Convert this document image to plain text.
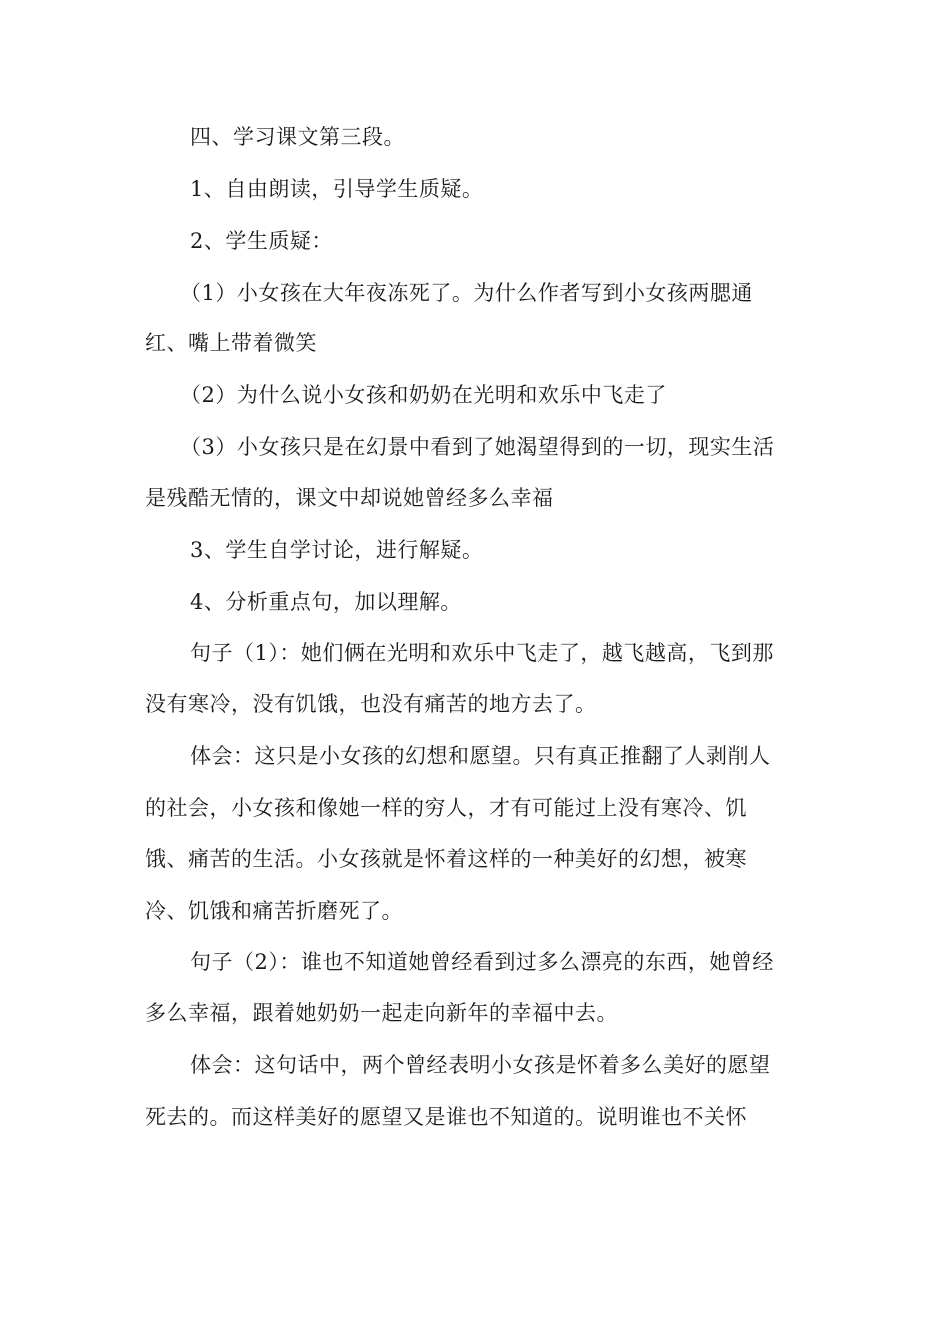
四、学习课文第三段。
1、自由朗读，引导学生质疑。
2、学生质疑：
（1）小女孩在大年夜冻死了。为什么作者写到小女孩两腮通
红、嘴上带着微笑
（2）为什么说小女孩和奶奶在光明和欢乐中飞走了
（3）小女孩只是在幻景中看到了她渴望得到的一切，现实生活
是残酷无情的，课文中却说她曾经多么幸福
3、学生自学讨论，进行解疑。
4、分析重点句，加以理解。
句子（1）：她们俩在光明和欢乐中飞走了，越飞越高，飞到那
没有寒冷，没有饥饿，也没有痛苦的地方去了。
体会：这只是小女孩的幻想和愿望。只有真正推翻了人剥削人
的社会，小女孩和像她一样的穷人，才有可能过上没有寒冷、饥
饿、痛苦的生活。小女孩就是怀着这样的一种美好的幻想，被寒
冷、饥饿和痛苦折磨死了。
句子（2）：谁也不知道她曾经看到过多么漂亮的东西，她曾经
多么幸福，跟着她奶奶一起走向新年的幸福中去。
体会：这句话中，两个曾经表明小女孩是怀着多么美好的愿望
死去的。而这样美好的愿望又是谁也不知道的。说明谁也不关怀
